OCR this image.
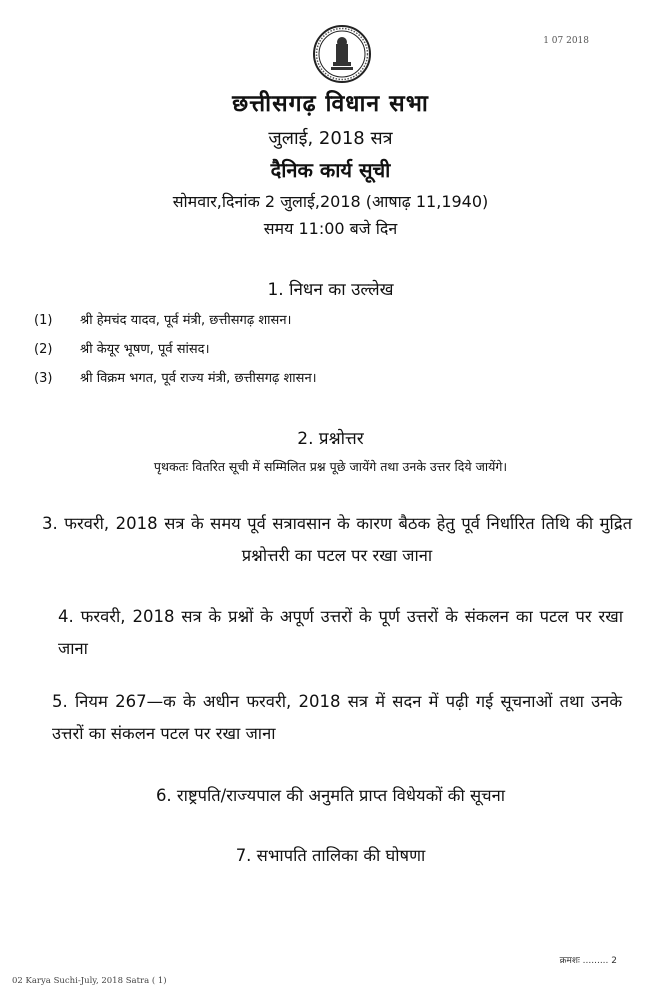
1 07 2018
छत्तीसगढ़ विधान सभा
जुलाई, 2018 सत्र
दैनिक कार्य सूची
सोमवार,दिनांक 2 जुलाई,2018 (आषाढ़ 11,1940)
समय 11:00 बजे दिन
1. निधन का उल्लेख
(1) श्री हेमचंद यादव, पूर्व मंत्री, छत्तीसगढ़ शासन।
(2) श्री केयूर भूषण, पूर्व सांसद।
(3) श्री विक्रम भगत, पूर्व राज्य मंत्री, छत्तीसगढ़ शासन।
2. प्रश्नोत्तर
पृथकतः वितरित सूची में सम्मिलित प्रश्न पूछे जायेंगे तथा उनके उत्तर दिये जायेंगे।
3. फरवरी, 2018 सत्र के समय पूर्व सत्रावसान के कारण बैठक हेतु पूर्व निर्धारित तिथि की मुद्रित प्रश्नोत्तरी का पटल पर रखा जाना
4. फरवरी, 2018 सत्र के प्रश्नों के अपूर्ण उत्तरों के पूर्ण उत्तरों के संकलन का पटल पर रखा जाना
5. नियम 267—क के अधीन फरवरी, 2018 सत्र में सदन में पढ़ी गई सूचनाओं तथा उनके उत्तरों का संकलन पटल पर रखा जाना
6. राष्ट्रपति/राज्यपाल की अनुमति प्राप्त विधेयकों की सूचना
7. सभापति तालिका की घोषणा
क्रमशः ......... 2
02 Karya Suchi-July, 2018 Satra ( 1)
